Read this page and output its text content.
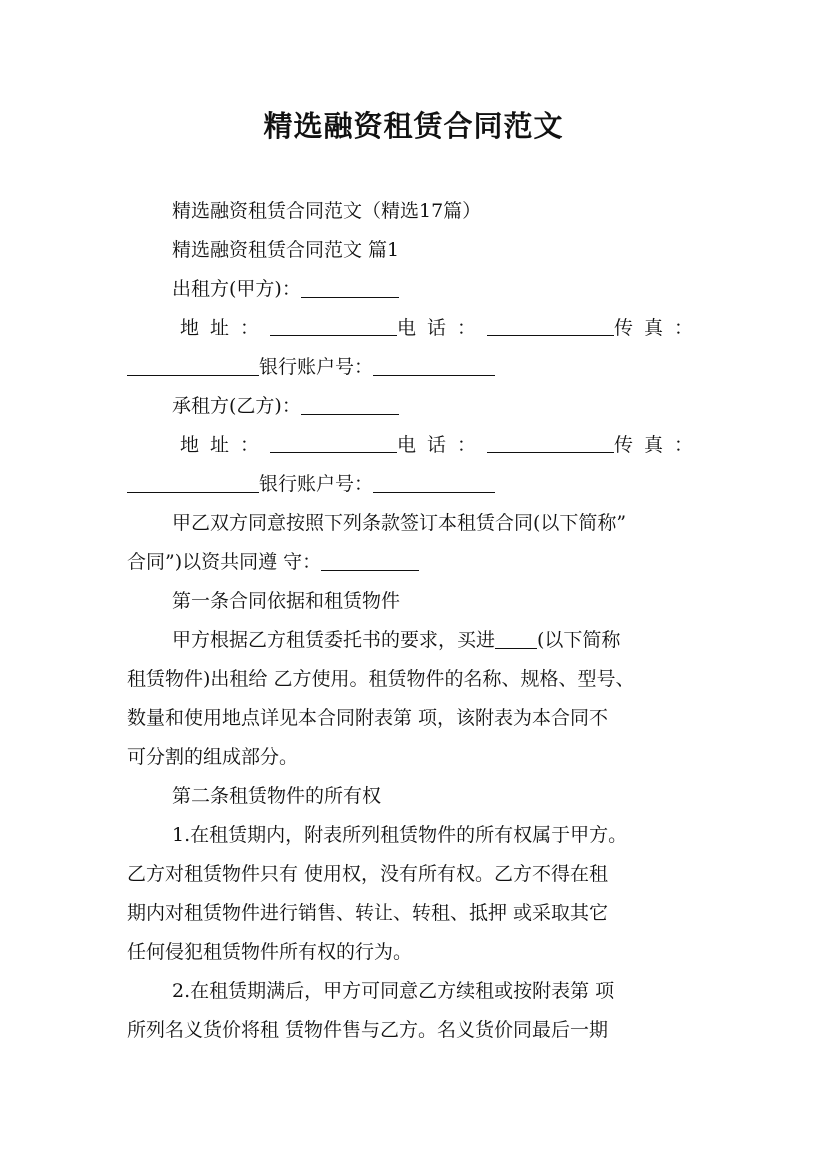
精选融资租赁合同范文
精选融资租赁合同范文（精选17篇）
精选融资租赁合同范文 篇1
出租方(甲方)：
地址：	电话：	传真：
银行账户号：
承租方(乙方)：
地址：	电话：	传真：
银行账户号：
甲乙双方同意按照下列条款签订本租赁合同(以下简称”
合同”)以资共同遵 守：
第一条合同依据和租赁物件
甲方根据乙方租赁委托书的要求，买进 (以下简称
租赁物件)出租给 乙方使用。租赁物件的名称、规格、型号、
数量和使用地点详见本合同附表第 项，该附表为本合同不
可分割的组成部分。
第二条租赁物件的所有权
1.在租赁期内，附表所列租赁物件的所有权属于甲方。
乙方对租赁物件只有 使用权，没有所有权。乙方不得在租
期内对租赁物件进行销售、转让、转租、抵押 或采取其它
任何侵犯租赁物件所有权的行为。
2.在租赁期满后，甲方可同意乙方续租或按附表第 项
所列名义货价将租 赁物件售与乙方。名义货价同最后一期
